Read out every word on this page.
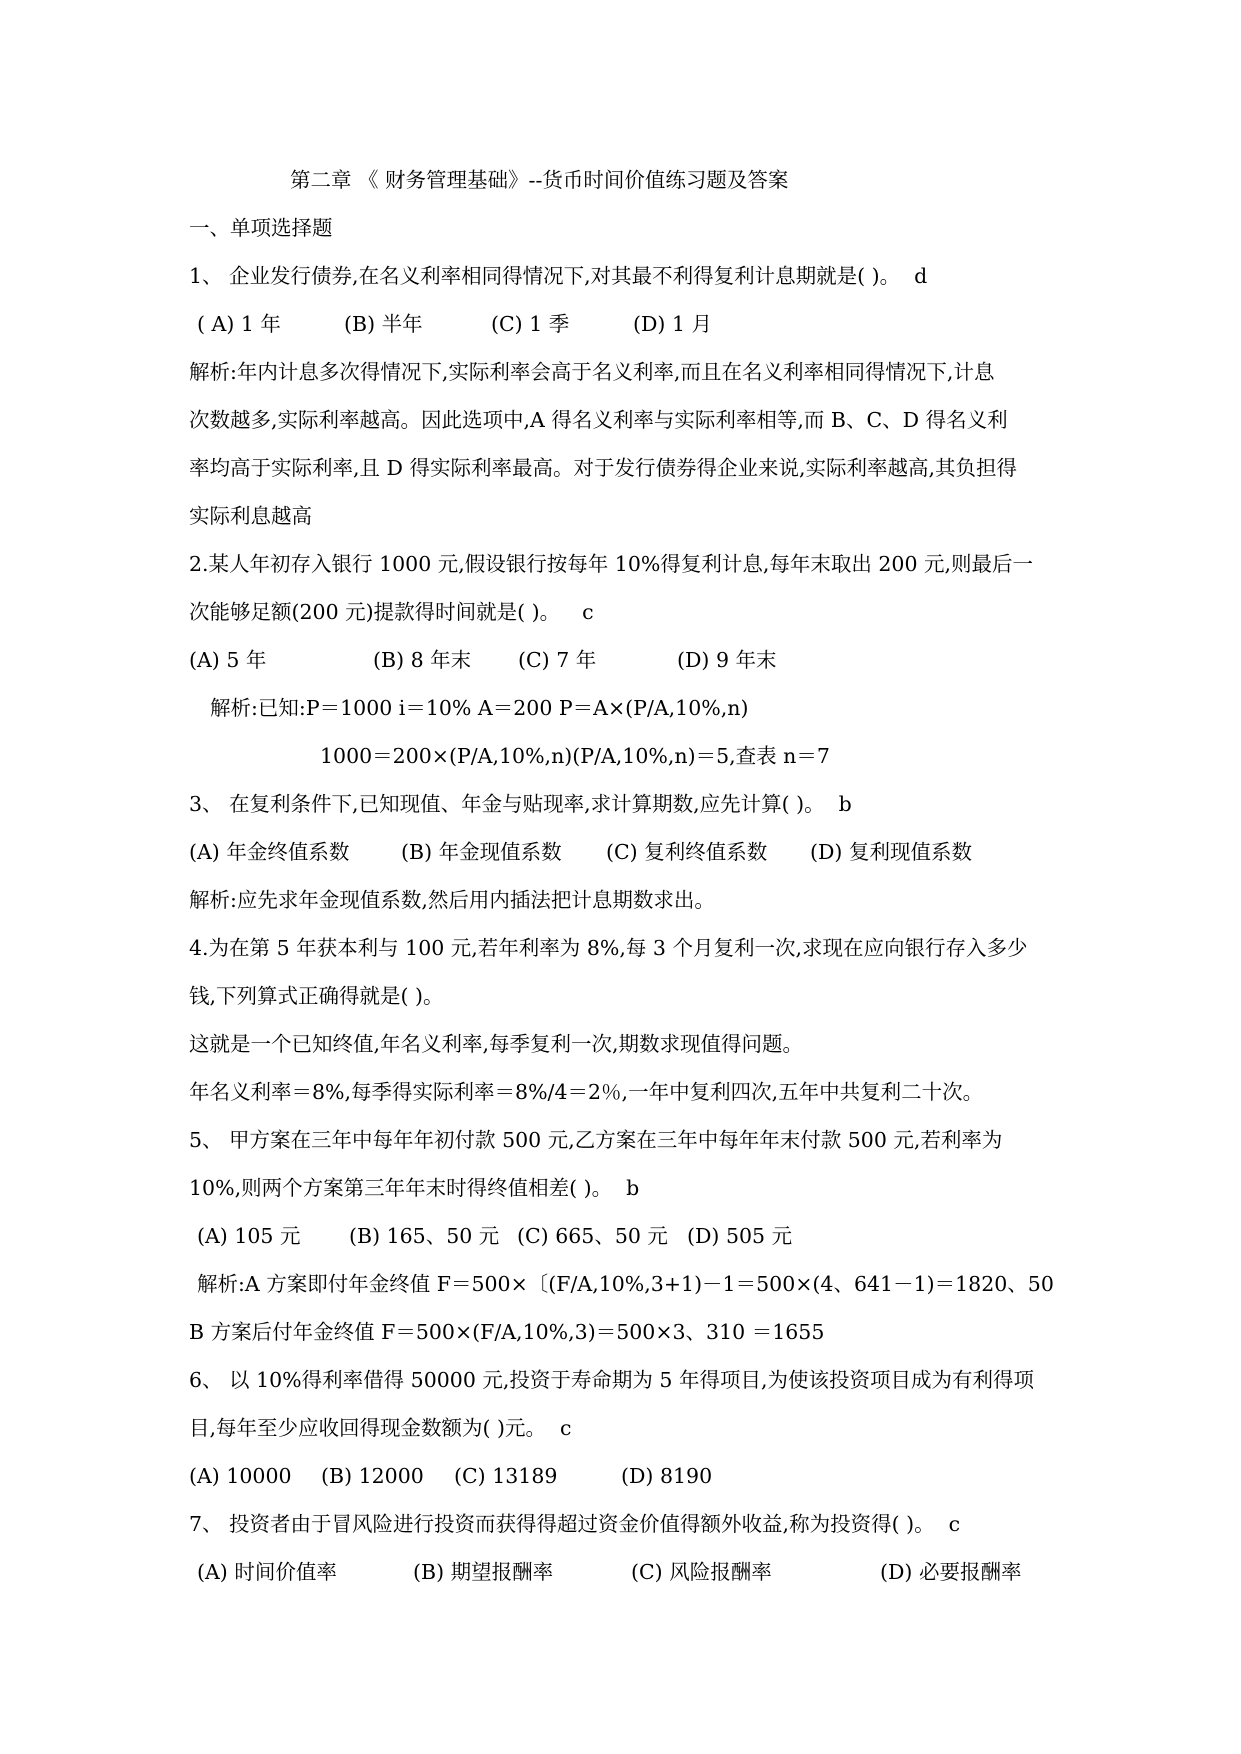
第二章 《 财务管理基础》--货币时间价值练习题及答案
一、单项选择题
1、 企业发行债券,在名义利率相同得情况下,对其最不利得复利计息期就是( )。 d
( A) 1 年	(B) 半年	(C) 1 季	(D) 1 月
解析:年内计息多次得情况下,实际利率会高于名义利率,而且在名义利率相同得情况下,计息
次数越多,实际利率越高。因此选项中,A 得名义利率与实际利率相等,而 B、C、D 得名义利
率均高于实际利率,且 D 得实际利率最高。对于发行债券得企业来说,实际利率越高,其负担得
实际利息越高
2.某人年初存入银行 1000 元,假设银行按每年 10%得复利计息,每年末取出 200 元,则最后一
次能够足额(200 元)提款得时间就是( )。 c
(A) 5 年	(B) 8 年末 (C) 7 年	(D) 9 年末
解析:已知:P＝1000 i＝10% A＝200 P＝A×(P/A,10%,n)
1000＝200×(P/A,10%,n)(P/A,10%,n)＝5,查表 n＝7
3、 在复利条件下,已知现值、年金与贴现率,求计算期数,应先计算( )。 b
(A) 年金终值系数	(B) 年金现值系数 (C) 复利终值系数 (D) 复利现值系数
解析:应先求年金现值系数,然后用内插法把计息期数求出。
4.为在第 5 年获本利与 100 元,若年利率为 8%,每 3 个月复利一次,求现在应向银行存入多少
钱,下列算式正确得就是( )。
这就是一个已知终值,年名义利率,每季复利一次,期数求现值得问题。
年名义利率＝8%,每季得实际利率＝8%/4＝2％,一年中复利四次,五年中共复利二十次。
5、 甲方案在三年中每年年初付款 500 元,乙方案在三年中每年年末付款 500 元,若利率为
10%,则两个方案第三年年末时得终值相差( )。 b
(A) 105 元 (B) 165、50 元 (C) 665、50 元 (D) 505 元
解析:A 方案即付年金终值 F＝500×〔(F/A,10%,3+1)－1＝500×(4、641－1)＝1820、50
B 方案后付年金终值 F＝500×(F/A,10%,3)＝500×3、310 ＝1655
6、 以 10%得利率借得 50000 元,投资于寿命期为 5 年得项目,为使该投资项目成为有利得项
目,每年至少应收回得现金数额为( )元。 c
(A) 10000 (B) 12000 (C) 13189	(D) 8190
7、 投资者由于冒风险进行投资而获得得超过资金价值得额外收益,称为投资得( )。 c
(A) 时间价值率	(B) 期望报酬率	(C) 风险报酬率	(D) 必要报酬率
